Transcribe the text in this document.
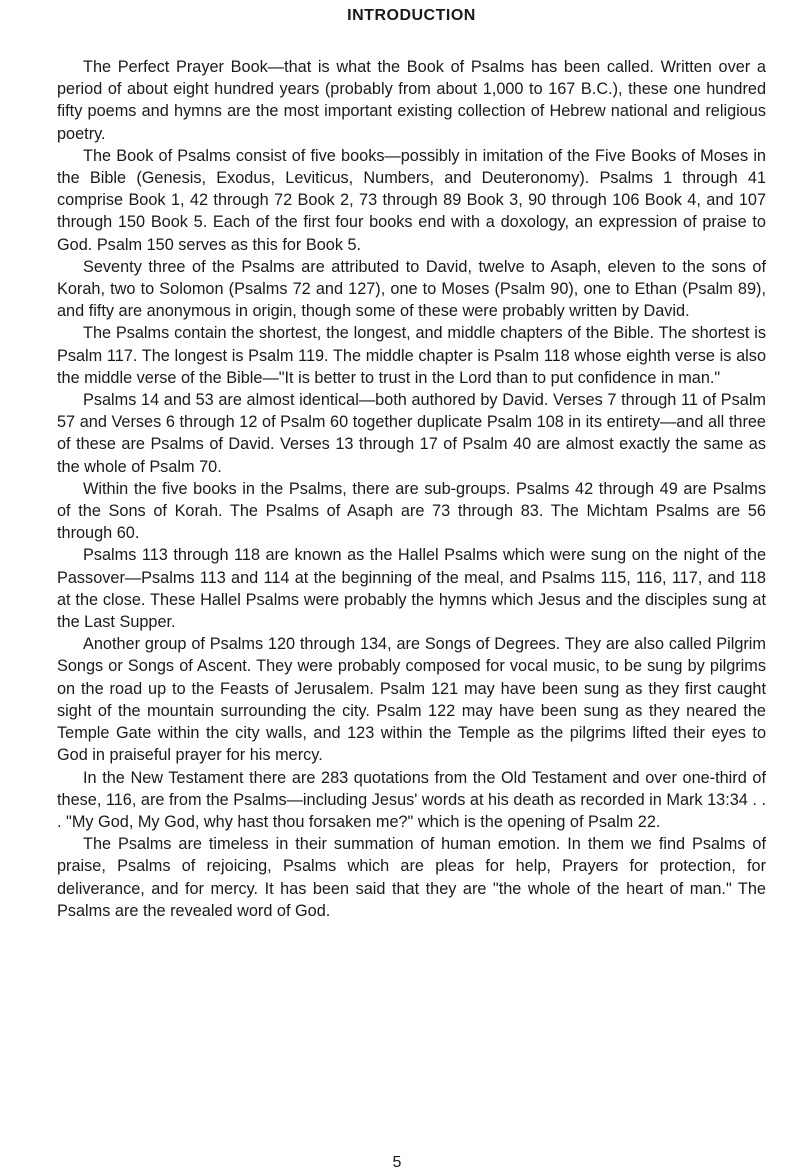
INTRODUCTION

The Perfect Prayer Book—that is what the Book of Psalms has been called. Written over a period of about eight hundred years (probably from about 1,000 to 167 B.C.), these one hundred fifty poems and hymns are the most important existing collection of Hebrew national and religious poetry.

The Book of Psalms consist of five books—possibly in imitation of the Five Books of Moses in the Bible (Genesis, Exodus, Leviticus, Numbers, and Deuteronomy). Psalms 1 through 41 comprise Book 1, 42 through 72 Book 2, 73 through 89 Book 3, 90 through 106 Book 4, and 107 through 150 Book 5. Each of the first four books end with a doxology, an expression of praise to God. Psalm 150 serves as this for Book 5.

Seventy three of the Psalms are attributed to David, twelve to Asaph, eleven to the sons of Korah, two to Solomon (Psalms 72 and 127), one to Moses (Psalm 90), one to Ethan (Psalm 89), and fifty are anonymous in origin, though some of these were probably written by David.

The Psalms contain the shortest, the longest, and middle chapters of the Bible. The shortest is Psalm 117. The longest is Psalm 119. The middle chapter is Psalm 118 whose eighth verse is also the middle verse of the Bible—"It is better to trust in the Lord than to put confidence in man."

Psalms 14 and 53 are almost identical—both authored by David. Verses 7 through 11 of Psalm 57 and Verses 6 through 12 of Psalm 60 together duplicate Psalm 108 in its entirety—and all three of these are Psalms of David. Verses 13 through 17 of Psalm 40 are almost exactly the same as the whole of Psalm 70.

Within the five books in the Psalms, there are sub-groups. Psalms 42 through 49 are Psalms of the Sons of Korah. The Psalms of Asaph are 73 through 83. The Michtam Psalms are 56 through 60.

Psalms 113 through 118 are known as the Hallel Psalms which were sung on the night of the Passover—Psalms 113 and 114 at the beginning of the meal, and Psalms 115, 116, 117, and 118 at the close. These Hallel Psalms were probably the hymns which Jesus and the disciples sung at the Last Supper.

Another group of Psalms 120 through 134, are Songs of Degrees. They are also called Pilgrim Songs or Songs of Ascent. They were probably composed for vocal music, to be sung by pilgrims on the road up to the Feasts of Jerusalem. Psalm 121 may have been sung as they first caught sight of the mountain surrounding the city. Psalm 122 may have been sung as they neared the Temple Gate within the city walls, and 123 within the Temple as the pilgrims lifted their eyes to God in praiseful prayer for his mercy.

In the New Testament there are 283 quotations from the Old Testament and over one-third of these, 116, are from the Psalms—including Jesus' words at his death as recorded in Mark 13:34 . . . "My God, My God, why hast thou forsaken me?" which is the opening of Psalm 22.

The Psalms are timeless in their summation of human emotion. In them we find Psalms of praise, Psalms of rejoicing, Psalms which are pleas for help, Prayers for protection, for deliverance, and for mercy. It has been said that they are "the whole of the heart of man." The Psalms are the revealed word of God.

5
